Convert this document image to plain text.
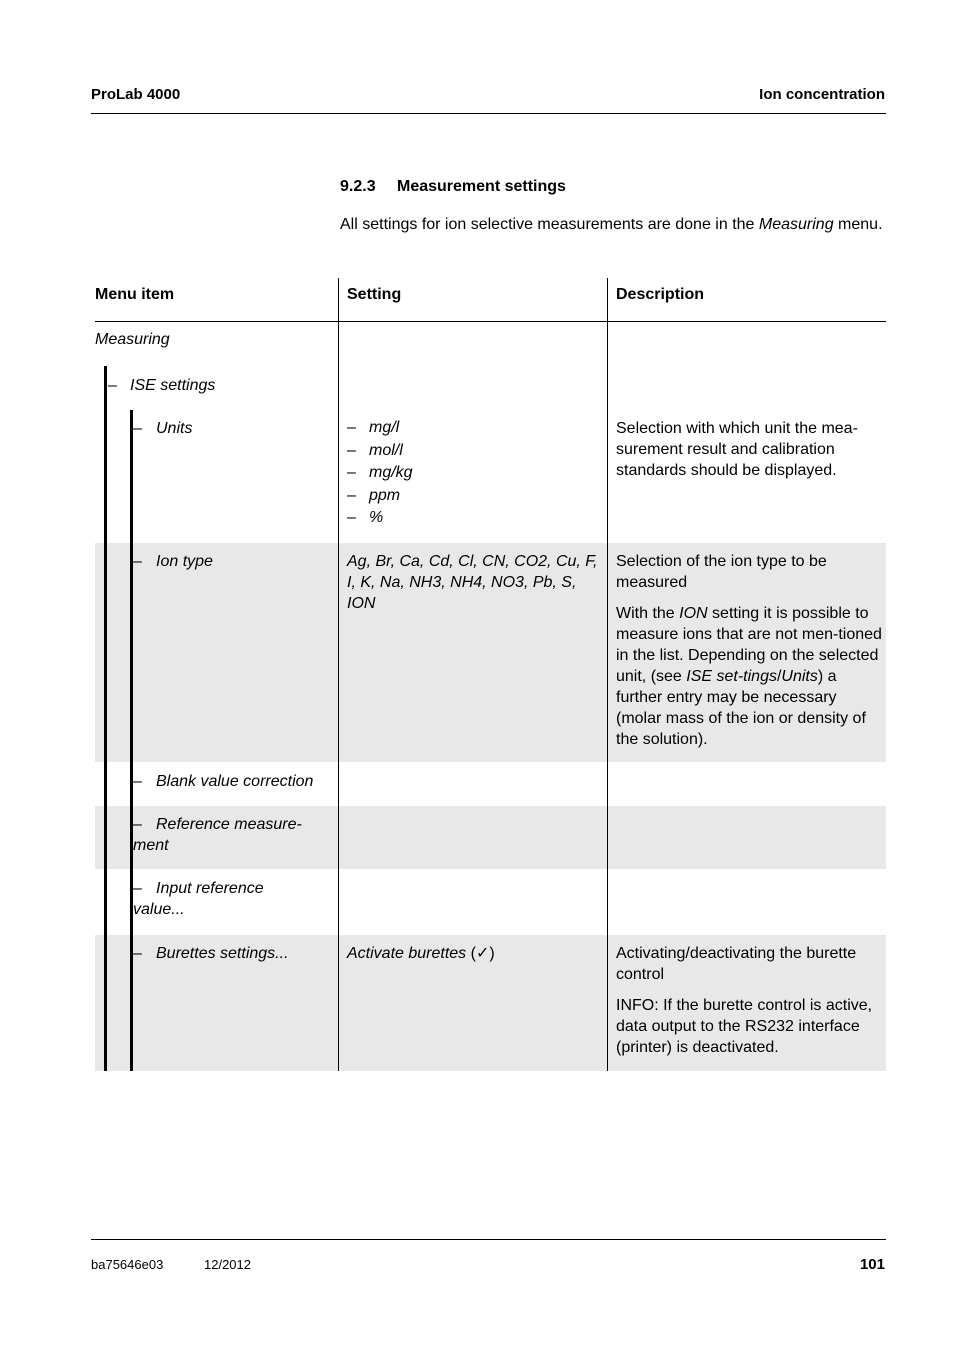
ProLab 4000	Ion concentration
9.2.3 Measurement settings
All settings for ion selective measurements are done in the Measuring menu.
Menu item	Setting	Description
Measuring
– ISE settings
– Units
–	mg/l
– mol/l
– mg/kg
– ppm
– %
Selection with which unit the mea-surement result and calibration standards should be displayed.
– Ion type	Ag, Br, Ca, Cd, Cl, CN, CO2, Cu, F, I, K, Na, NH3, NH4, NO3, Pb, S, ION

Selection of the ion type to be measured

With the ION setting it is possible to measure ions that are not men-tioned in the list. Depending on the selected unit, (see ISE set-tings/Units) a further entry may be necessary (molar mass of the ion or density of the solution).

– Blank value correction
– Reference measure-
ment
– Input reference
value...
– Burettes settings...	Activate burettes (✓)	Activating/deactivating the burette control

INFO: If the burette control is active, data output to the RS232 interface (printer) is deactivated.

ba75646e03	12/2012	101
